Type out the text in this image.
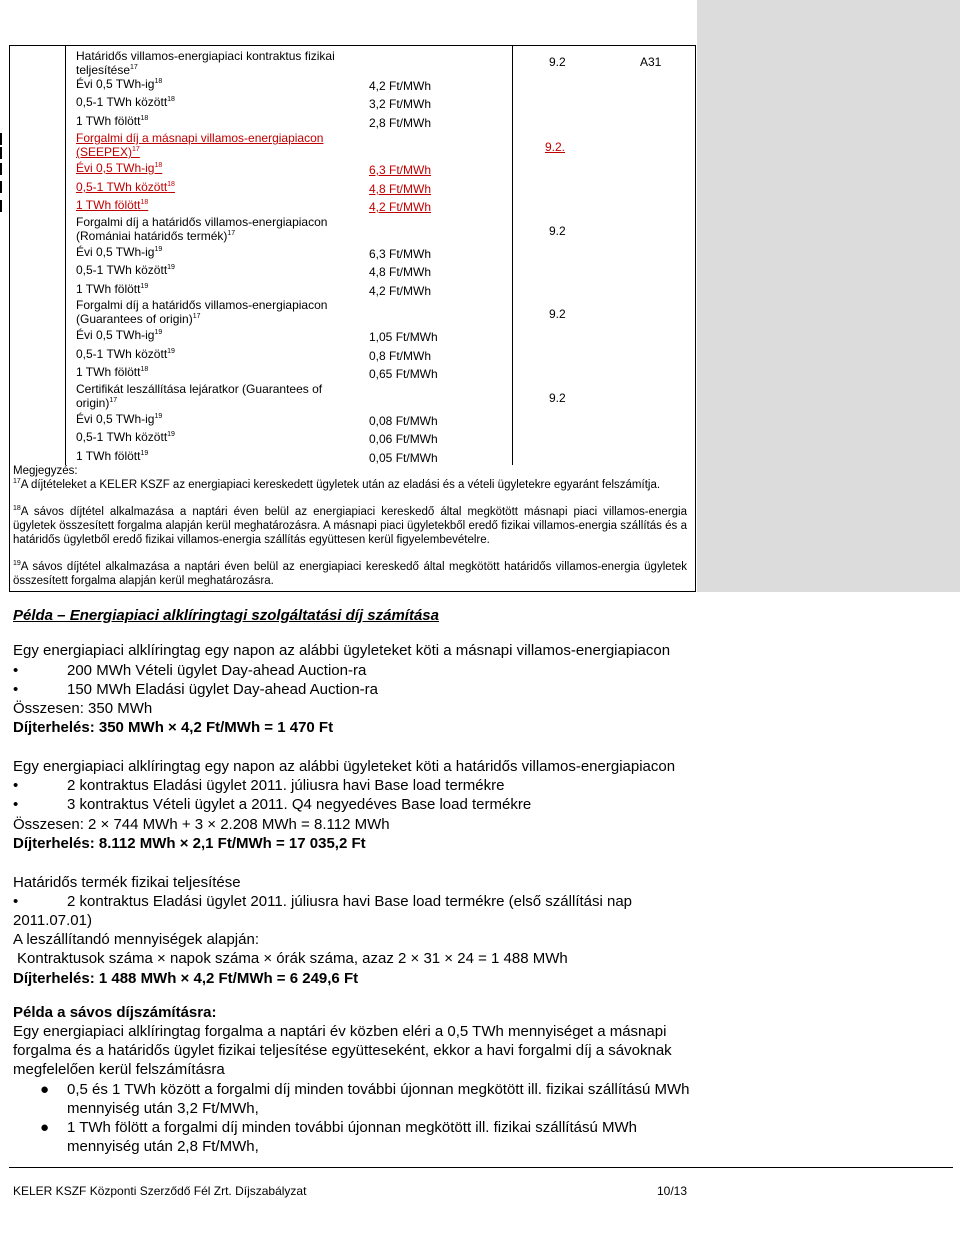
Határidős villamos-energiapiaci kontraktus fizikai teljesítése$^{17}$	9.2	A31
Évi 0,5 TWh-$ig^{18}$	4,2 Ft/MWh
0,5-1 TWh között$^{18}$	3,2 Ft/MWh
1 TWh fölött$^{18}$	2,8 Ft/MWh
Forgalmi díj a másnapi villamos-energiapiacon (SEEPEX)$^{17}$	9.2.
Évi 0,5 TWh-$ig^{18}$	6,3 Ft/MWh
0,5-1 TWh között$^{18}$	4,8 Ft/MWh
1 TWh fölött$^{18}$	4,2 Ft/MWh
Forgalmi díj a határidős villamos-energiapiacon (Romániai határidős termék)$^{17}$	9.2
Évi 0,5 TWh-$ig^{19}$	6,3 Ft/MWh
0,5-1 TWh között$^{19}$	4,8 Ft/MWh
1 TWh fölött$^{19}$	4,2 Ft/MWh
Forgalmi díj a határidős villamos-energiapiacon (Guarantees of origin)$^{17}$	9.2
Évi 0,5 TWh-$ig^{19}$	1,05 Ft/MWh
0,5-1 TWh között$^{19}$	0,8 Ft/MWh
1 TWh fölött$^{18}$	0,65 Ft/MWh
Certifikát leszállítása lejáratkor (Guarantees of origin)$^{17}$	9.2
Évi 0,5 TWh-$ig^{19}$	0,08 Ft/MWh
0,5-1 TWh között$^{19}$	0,06 Ft/MWh
1 TWh fölött$^{19}$	0,05 Ft/MWh
Megjegyzés:
$^{17}$A díjtételeket a KELER KSZF az energiapiaci kereskedett ügyletek után az eladási és a vételi ügyletekre egyaránt felszámítja.
$^{18}$A sávos díjtétel alkalmazása a naptári éven belül az energiapiaci kereskedő által megkötött másnapi piaci villamos-energia ügyletek összesített forgalma alapján kerül meghatározásra. A másnapi piaci ügyletekből eredő fizikai villamos-energia szállítás és a határidős ügyletből eredő fizikai villamos-energia szállítás együttesen kerül figyelembevételre.
$^{19}$A sávos díjtétel alkalmazása a naptári éven belül az energiapiaci kereskedő által megkötött határidős villamos-energia ügyletek összesített forgalma alapján kerül meghatározásra.
Példa – Energiapiaci alklíringtagi szolgáltatási díj számítása
Egy energiapiaci alklíringtag egy napon az alábbi ügyleteket köti a másnapi villamos-energiapiacon
•	200 MWh Vételi ügylet Day-ahead Auction-ra
•	150 MWh Eladási ügylet Day-ahead Auction-ra
Összesen: 350 MWh
Díjterhelés: 350 MWh × 4,2 Ft/MWh = 1 470 Ft
Egy energiapiaci alklíringtag egy napon az alábbi ügyleteket köti a határidős villamos-energiapiacon
•	2 kontraktus Eladási ügylet 2011. júliusra havi Base load termékre
•	3 kontraktus Vételi ügylet a 2011. Q4 negyedéves Base load termékre
Összesen: 2 × 744 MWh + 3 × 2.208 MWh = 8.112 MWh
Díjterhelés: 8.112 MWh × 2,1 Ft/MWh = 17 035,2 Ft
Határidős termék fizikai teljesítése
•	2 kontraktus Eladási ügylet 2011. júliusra havi Base load termékre (első szállítási nap
2011.07.01)
A leszállítandó mennyiségek alapján:
Kontraktusok száma × napok száma × órák száma, azaz 2 × 31 × 24 = 1 488 MWh
Díjterhelés: 1 488 MWh × 4,2 Ft/MWh = 6 249,6 Ft
Példa a sávos díjszámításra:
Egy energiapiaci alklíringtag forgalma a naptári év közben eléri a 0,5 TWh mennyiséget a másnapi
forgalma és a határidős ügylet fizikai teljesítése együtteseként, ekkor a havi forgalmi díj a sávoknak
megfelelően kerül felszámításra
● 0,5 és 1 TWh között a forgalmi díj minden további újonnan megkötött ill. fizikai szállítású MWh
mennyiség után 3,2 Ft/MWh,
● 1 TWh fölött a forgalmi díj minden további újonnan megkötött ill. fizikai szállítású MWh
mennyiség után 2,8 Ft/MWh,
KELER KSZF Központi Szerződő Fél Zrt. Díjszabályzat	10/13
